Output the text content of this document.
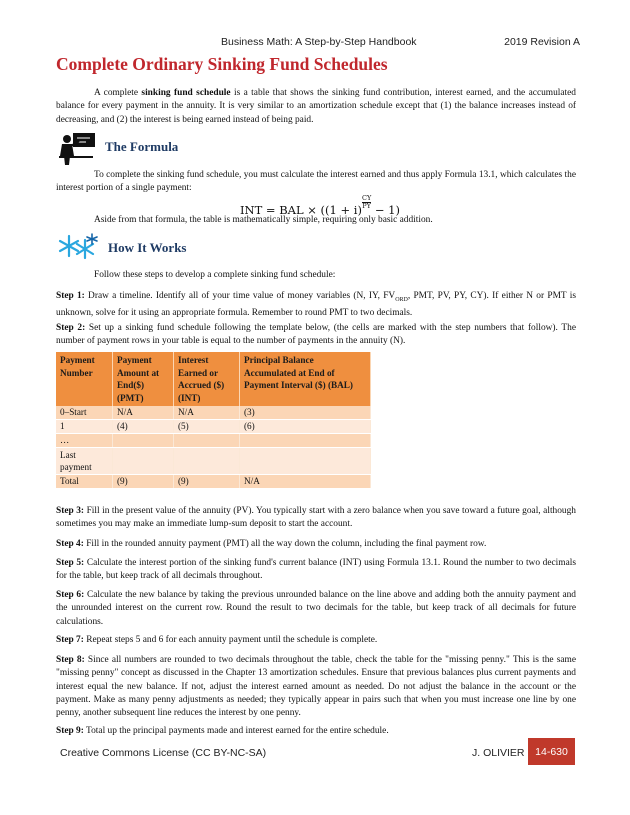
Business Math: A Step-by-Step Handbook	2019 Revision A
Complete Ordinary Sinking Fund Schedules

A complete sinking fund schedule is a table that shows the sinking fund contribution, interest earned, and the accumulated balance for every payment in the annuity. It is very similar to an amortization schedule except that (1) the balance increases instead of decreasing, and (2) the interest is being earned instead of being paid.

The Formula

To complete the sinking fund schedule, you must calculate the interest earned and thus apply Formula 13.1, which calculates the interest portion of a single payment:

INT = BAL × $((1 + i) \frac{CY}{PY} - 1)$

Aside from that formula, the table is mathematically simple, requiring only basic addition.

How It Works

Follow these steps to develop a complete sinking fund schedule:

Step 1: Draw a timeline. Identify all of your time value of money variables (N, IY, $FV_{ORD}$, PMT, PV, PY, CY). If either N or PMT is unknown, solve for it using an appropriate formula. Remember to round PMT to two decimals.

Step 2: Set up a sinking fund schedule following the template below, (the cells are marked with the step numbers that follow). The number of payment rows in your table is equal to the number of payments in the annuity (N).

Payment Number	Payment Amount at End($) (PMT)	Interest Earned or Accrued ($) (INT)	Principal Balance Accumulated at End of Payment Interval ($) (BAL)
0–Start	N/A	N/A	(3)
1	(4)	(5)	(6)
…			
Last payment			
Total	(9)	(9)	N/A

Step 3: Fill in the present value of the annuity (PV). You typically start with a zero balance when you save toward a future goal, although sometimes you may make an immediate lump-sum deposit to start the account.

Step 4: Fill in the rounded annuity payment (PMT) all the way down the column, including the final payment row.

Step 5: Calculate the interest portion of the sinking fund's current balance (INT) using Formula 13.1. Round the number to two decimals for the table, but keep track of all decimals throughout.

Step 6: Calculate the new balance by taking the previous unrounded balance on the line above and adding both the annuity payment and the unrounded interest on the current row. Round the result to two decimals for the table, but keep track of all decimals for future calculations.

Step 7: Repeat steps 5 and 6 for each annuity payment until the schedule is complete.

Step 8: Since all numbers are rounded to two decimals throughout the table, check the table for the "missing penny." This is the same "missing penny" concept as discussed in the Chapter 13 amortization schedules. Ensure that previous balances plus current payments and interest equal the new balance. If not, adjust the interest earned amount as needed. Do not adjust the balance in the account or the payment. Make as many penny adjustments as needed; they typically appear in pairs such that when you must increase one line by one penny, another subsequent line reduces the interest by one penny.

Step 9: Total up the principal payments made and interest earned for the entire schedule.

Creative Commons License (CC BY-NC-SA)	J. OLIVIER	14-630
